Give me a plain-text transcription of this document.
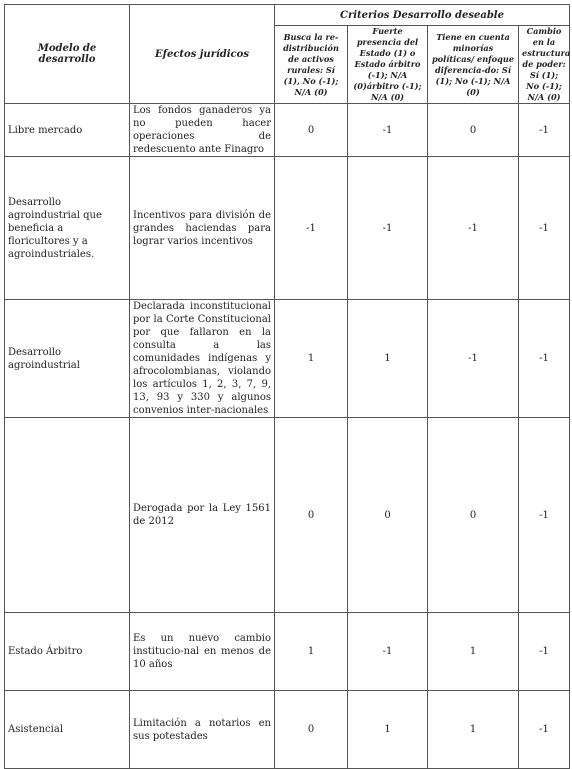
Modelo de desarrollo	Efectos jurídicos	Criterios Desarrollo deseable			
		Busca la re-distribución de activos rurales: Sí (1), No (-1); N/A (0)	Fuerte presencia del Estado (1) o Estado árbitro (-1); N/A (0)árbitro (-1); N/A (0)	Tiene en cuenta minorías políticas/ enfoque diferencia-do: Sí (1); No (-1); N/A (0)	Cambio en la estructura de poder: Sí (1); No (-1); N/A (0)
Libre mercado	Los fondos ganaderos ya no pueden hacer operaciones de redescuento ante Finagro	0	-1	0	-1
Desarrollo agroindustrial que beneficia a floricultores y a agroindustriales.	Incentivos para división de grandes haciendas para lograr varios incentivos	-1	-1	-1	-1
Desarrollo agroindustrial	Declarada inconstitucional por la Corte Constitucional por que fallaron en la consulta a las comunidades indígenas y afrocolombianas, violando los artículos 1, 2, 3, 7, 9, 13, 93 y 330 y algunos convenios inter-nacionales	1	1	-1	-1
	Derogada por la Ley 1561 de 2012	0	0	0	-1
Estado Árbitro	Es un nuevo cambio institucio-nal en menos de 10 años	1	-1	1	-1
Asistencial	Limitación a notarios en sus potestades	0	1	1	-1
